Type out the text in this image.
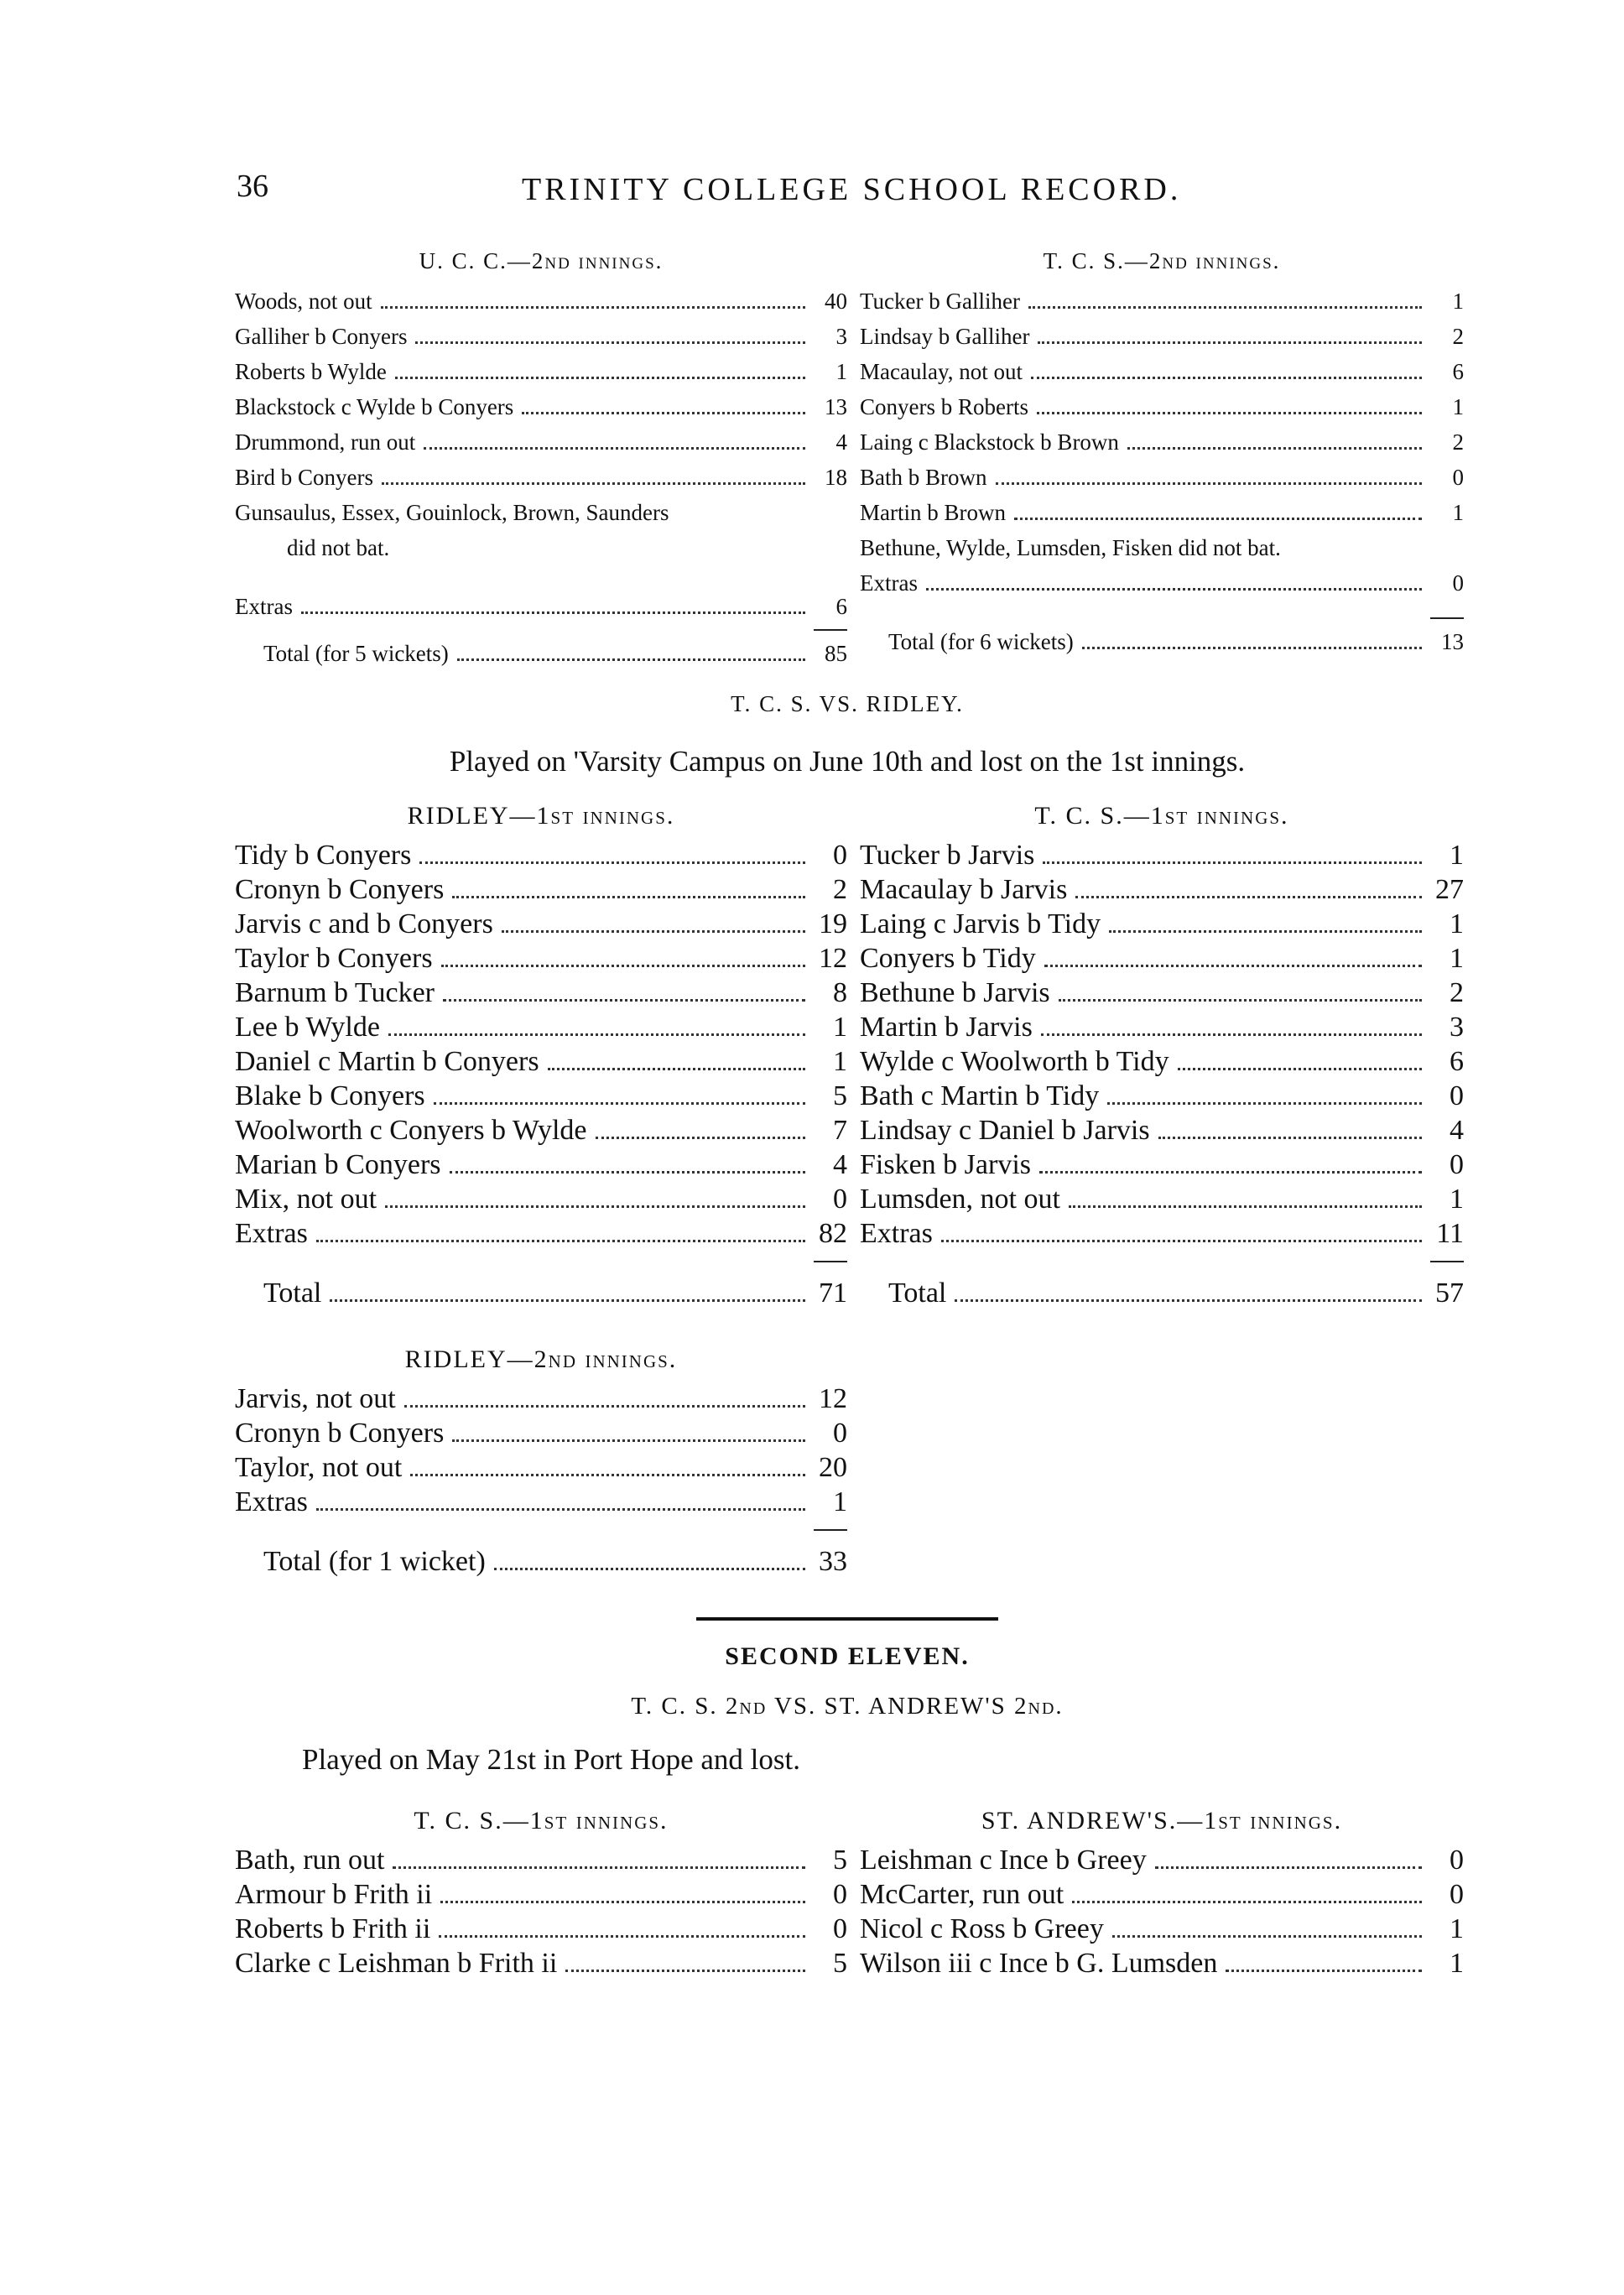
36	TRINITY COLLEGE SCHOOL RECORD.
U. C. C.—2nd innings.
Woods, not out	40
Galliher b Conyers	3
Roberts b Wylde	1
Blackstock c Wylde b Conyers	13
Drummond, run out	4
Bird b Conyers	18
Gunsaulus, Essex, Gouinlock, Brown, Saunders
did not bat.
Extras	6
Total (for 5 wickets)	85
T. C. S.—2nd innings.
Tucker b Galliher	1
Lindsay b Galliher	2
Macaulay, not out	6
Conyers b Roberts	1
Laing c Blackstock b Brown	2
Bath b Brown	0
Martin b Brown	1
Bethune, Wylde, Lumsden, Fisken did not bat.
Extras	0
Total (for 6 wickets)	13
T. C. S. VS. RIDLEY.
Played on 'Varsity Campus on June 10th and lost on the 1st innings.
RIDLEY—1st innings.
Tidy b Conyers	0
Cronyn b Conyers	2
Jarvis c and b Conyers	19
Taylor b Conyers	12
Barnum b Tucker	8
Lee b Wylde	1
Daniel c Martin b Conyers	1
Blake b Conyers	5
Woolworth c Conyers b Wylde	7
Marian b Conyers	4
Mix, not out	0
Extras	82
Total	71
T. C. S.—1st innings.
Tucker b Jarvis	1
Macaulay b Jarvis	27
Laing c Jarvis b Tidy	1
Conyers b Tidy	1
Bethune b Jarvis	2
Martin b Jarvis	3
Wylde c Woolworth b Tidy	6
Bath c Martin b Tidy	0
Lindsay c Daniel b Jarvis	4
Fisken b Jarvis	0
Lumsden, not out	1
Extras	11
Total	57
RIDLEY—2nd innings.
Jarvis, not out	12
Cronyn b Conyers	0
Taylor, not out	20
Extras	1
Total (for 1 wicket)	33
SECOND ELEVEN.
T. C. S. 2nd VS. ST. ANDREW'S 2nd.
Played on May 21st in Port Hope and lost.
T. C. S.—1st innings.
Bath, run out	5
Armour b Frith ii	0
Roberts b Frith ii	0
Clarke c Leishman b Frith ii	5
ST. ANDREW'S.—1st innings.
Leishman c Ince b Greey	0
McCarter, run out	0
Nicol c Ross b Greey	1
Wilson iii c Ince b G. Lumsden	1
